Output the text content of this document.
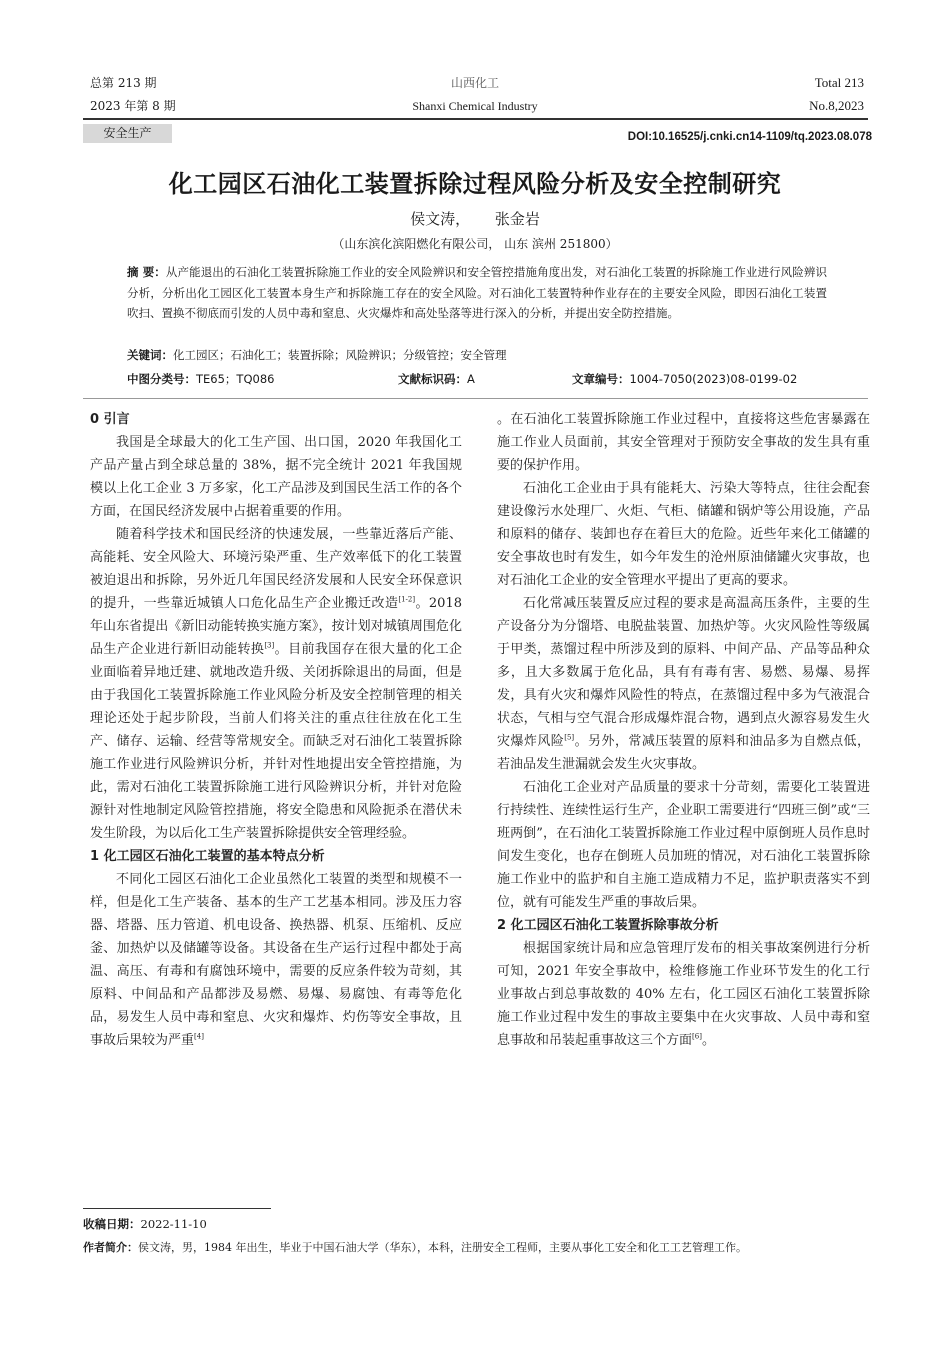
总第 213 期
2023 年第 8 期
山西化工
Shanxi Chemical Industry
Total 213
No.8,2023
安全生产	DOI:10.16525/j.cnki.cn14-1109/tq.2023.08.078
化工园区石油化工装置拆除过程风险分析及安全控制研究
侯文涛， 张金岩
（山东滨化滨阳燃化有限公司， 山东 滨州 251800）
摘 要：从产能退出的石油化工装置拆除施工作业的安全风险辨识和安全管控措施角度出发，对石油化工装置的拆除施工作业进行风险辨识分析，分析出化工园区化工装置本身生产和拆除施工存在的安全风险。对石油化工装置特种作业存在的主要安全风险，即因石油化工装置吹扫、置换不彻底而引发的人员中毒和窒息、火灾爆炸和高处坠落等进行深入的分析，并提出安全防控措施。
关键词：化工园区；石油化工；装置拆除；风险辨识；分级管控；安全管理
中图分类号：TE65；TQ086	文献标识码：A	文章编号：1004-7050(2023)08-0199-02
0 引言

我国是全球最大的化工生产国、出口国，2020 年我国化工产品产量占到全球总量的 38%，据不完全统计 2021 年我国规模以上化工企业 3 万多家，化工产品涉及到国民生活工作的各个方面，在国民经济发展中占据着重要的作用。

随着科学技术和国民经济的快速发展，一些靠近落后产能、高能耗、安全风险大、环境污染严重、生产效率低下的化工装置被迫退出和拆除，另外近几年国民经济发展和人民安全环保意识的提升，一些靠近城镇人口危化品生产企业搬迁改造[1-2]。2018 年山东省提出《新旧动能转换实施方案》，按计划对城镇周围危化品生产企业进行新旧动能转换[3]。目前我国存在很大量的化工企业面临着异地迁建、就地改造升级、关闭拆除退出的局面，但是由于我国化工装置拆除施工作业风险分析及安全控制管理的相关理论还处于起步阶段，当前人们将关注的重点往往放在化工生产、储存、运输、经营等常规安全。而缺乏对石油化工装置拆除施工作业进行风险辨识分析，并针对性地提出安全管控措施，为此，需对石油化工装置拆除施工进行风险辨识分析，并针对危险源针对性地制定风险管控措施，将安全隐患和风险扼杀在潜伏未发生阶段，为以后化工生产装置拆除提供安全管理经验。

1 化工园区石油化工装置的基本特点分析

不同化工园区石油化工企业虽然化工装置的类型和规模不一样，但是化工生产装备、基本的生产工艺基本相同。涉及压力容器、塔器、压力管道、机电设备、换热器、机泵、压缩机、反应釜、加热炉以及储罐等设备。其设备在生产运行过程中都处于高温、高压、有毒和有腐蚀环境中，需要的反应条件较为苛刻，其原料、中间品和产品都涉及易燃、易爆、易腐蚀、有毒等危化品，易发生人员中毒和窒息、火灾和爆炸、灼伤等安全事故，且事故后果较为严重[4]

。在石油化工装置拆除施工作业过程中，直接将这些危害暴露在施工作业人员面前，其安全管理对于预防安全事故的发生具有重要的保护作用。

石油化工企业由于具有能耗大、污染大等特点，往往会配套建设像污水处理厂、火炬、气柜、储罐和锅炉等公用设施，产品和原料的储存、装卸也存在着巨大的危险。近些年来化工储罐的安全事故也时有发生，如今年发生的沧州原油储罐火灾事故，也对石油化工企业的安全管理水平提出了更高的要求。

石化常减压装置反应过程的要求是高温高压条件，主要的生产设备分为分馏塔、电脱盐装置、加热炉等。火灾风险性等级属于甲类，蒸馏过程中所涉及到的原料、中间产品、产品等品种众多，且大多数属于危化品，具有有毒有害、易燃、易爆、易挥发，具有火灾和爆炸风险性的特点，在蒸馏过程中多为气液混合状态，气相与空气混合形成爆炸混合物，遇到点火源容易发生火灾爆炸风险[5]。另外，常减压装置的原料和油品多为自燃点低，若油品发生泄漏就会发生火灾事故。

石油化工企业对产品质量的要求十分苛刻，需要化工装置进行持续性、连续性运行生产，企业职工需要进行“四班三倒”或“三班两倒”，在石油化工装置拆除施工作业过程中原倒班人员作息时间发生变化，也存在倒班人员加班的情况，对石油化工装置拆除施工作业中的监护和自主施工造成精力不足，监护职责落实不到位，就有可能发生严重的事故后果。

2 化工园区石油化工装置拆除事故分析

根据国家统计局和应急管理厅发布的相关事故案例进行分析可知，2021 年安全事故中，检维修施工作业环节发生的化工行业事故占到总事故数的 40% 左右，化工园区石油化工装置拆除施工作业过程中发生的事故主要集中在火灾事故、人员中毒和窒息事故和吊装起重事故这三个方面[6]。

收稿日期：2022-11-10
作者简介：侯文涛，男，1984 年出生，毕业于中国石油大学（华东），本科，注册安全工程师，主要从事化工安全和化工工艺管理工作。
